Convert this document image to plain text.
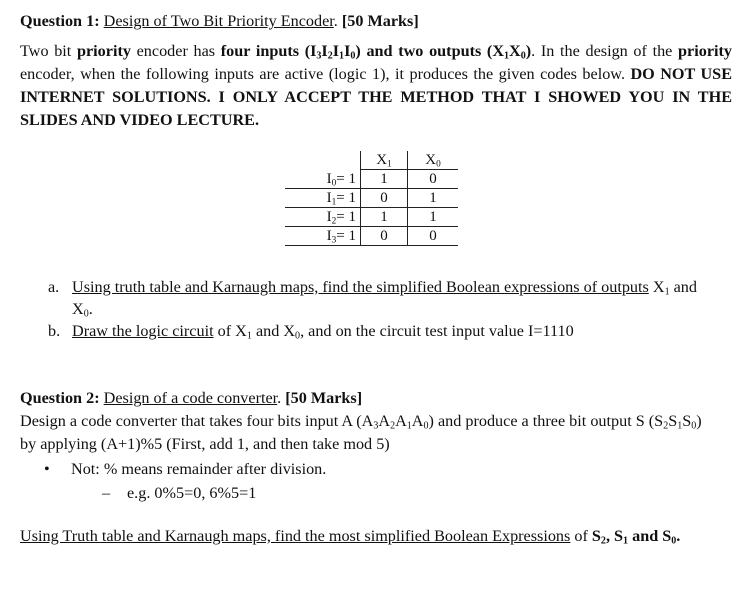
Question 1: Design of Two Bit Priority Encoder. [50 Marks]
Two bit priority encoder has four inputs $(I_3I_2I_1I_0)$ and two outputs $(X_1X_0)$. In the design of the priority encoder, when the following inputs are active (logic 1), it produces the given codes below. DO NOT USE INTERNET SOLUTIONS. I ONLY ACCEPT THE METHOD THAT I SHOWED YOU IN THE SLIDES AND VIDEO LECTURE.
	$X_1$	$X_0$
$I_0= 1$	1	0
$I_1= 1$	0	1
$I_2= 1$	1	1
$I_3= 1$	0	0
a. Using truth table and Karnaugh maps, find the simplified Boolean expressions of outputs $X_1$ and
$X_0$.
b. Draw the logic circuit of $X_1$ and $X_0$, and on the circuit test input value I=1110
Question 2: Design of a code converter. [50 Marks]
Design a code converter that takes four bits input A $(A_3A_2A_1A_0)$ and produce a three bit output S $(S_2S_1S_0)$
by applying (A+1)%5 (First, add 1, and then take mod 5)
• Not: % means remainder after division.
– e.g. 0%5=0, 6%5=1
Using Truth table and Karnaugh maps, find the most simplified Boolean Expressions of $S_2$, $S_1$ and $S_0$.
